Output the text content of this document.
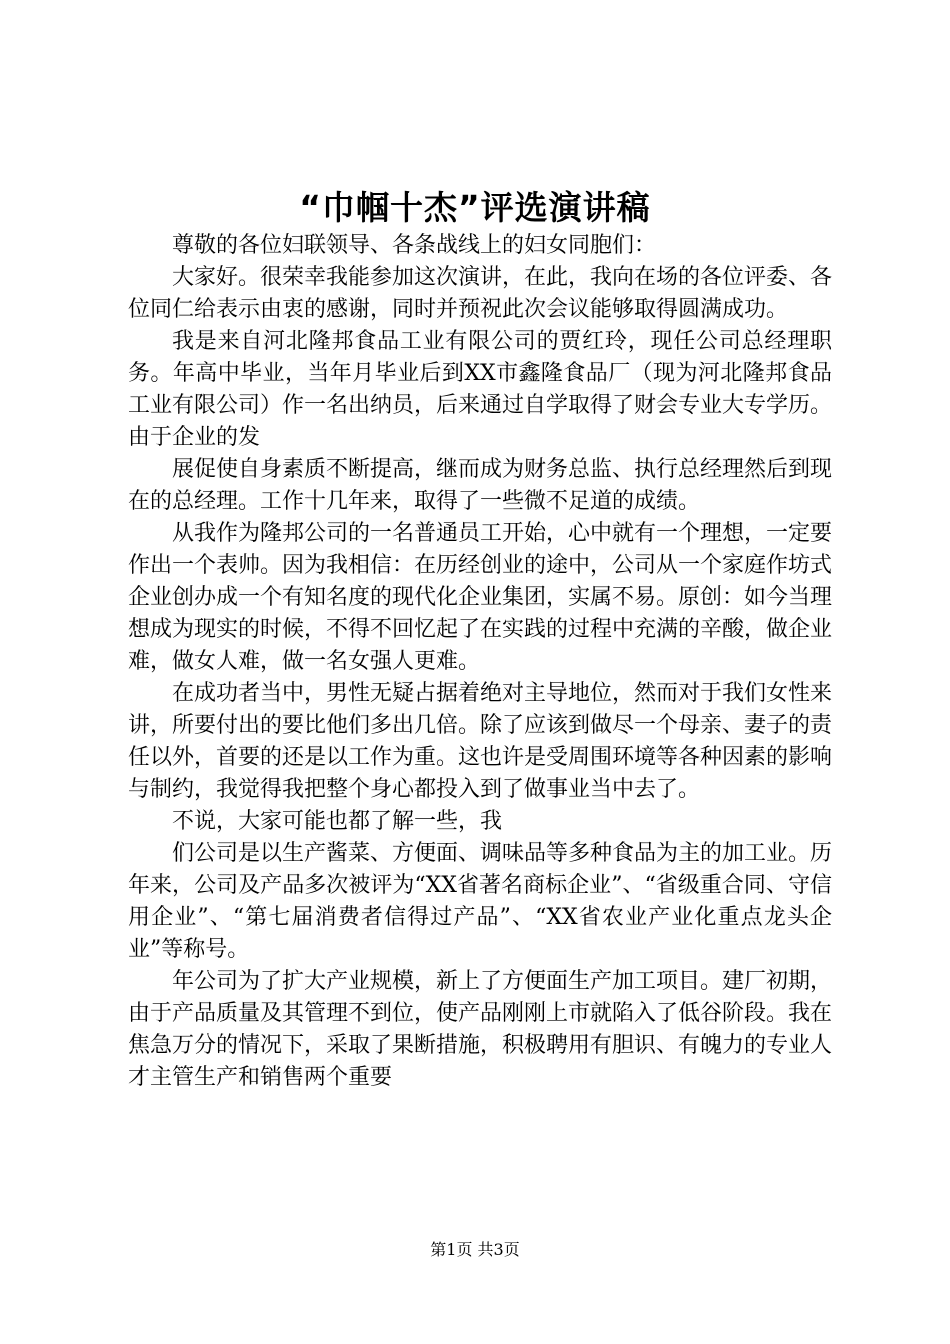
“巾帼十杰”评选演讲稿

尊敬的各位妇联领导、各条战线上的妇女同胞们：

大家好。很荣幸我能参加这次演讲，在此，我向在场的各位评委、各位同仁给表示由衷的感谢，同时并预祝此次会议能够取得圆满成功。

我是来自河北隆邦食品工业有限公司的贾红玲，现任公司总经理职务。年高中毕业，当年月毕业后到XX市鑫隆食品厂（现为河北隆邦食品工业有限公司）作一名出纳员，后来通过自学取得了财会专业大专学历。由于企业的发

展促使自身素质不断提高，继而成为财务总监、执行总经理然后到现在的总经理。工作十几年来，取得了一些微不足道的成绩。

从我作为隆邦公司的一名普通员工开始，心中就有一个理想，一定要作出一个表帅。因为我相信：在历经创业的途中，公司从一个家庭作坊式企业创办成一个有知名度的现代化企业集团，实属不易。原创：如今当理想成为现实的时候，不得不回忆起了在实践的过程中充满的辛酸，做企业难，做女人难，做一名女强人更难。

在成功者当中，男性无疑占据着绝对主导地位，然而对于我们女性来讲，所要付出的要比他们多出几倍。除了应该到做尽一个母亲、妻子的责任以外，首要的还是以工作为重。这也许是受周围环境等各种因素的影响与制约，我觉得我把整个身心都投入到了做事业当中去了。

不说，大家可能也都了解一些，我

们公司是以生产酱菜、方便面、调味品等多种食品为主的加工业。历年来，公司及产品多次被评为“XX省著名商标企业”、“省级重合同、守信用企业”、“第七届消费者信得过产品”、“XX省农业产业化重点龙头企业”等称号。

年公司为了扩大产业规模，新上了方便面生产加工项目。建厂初期，由于产品质量及其管理不到位，使产品刚刚上市就陷入了低谷阶段。我在焦急万分的情况下，采取了果断措施，积极聘用有胆识、有魄力的专业人才主管生产和销售两个重要

第1页 共3页
